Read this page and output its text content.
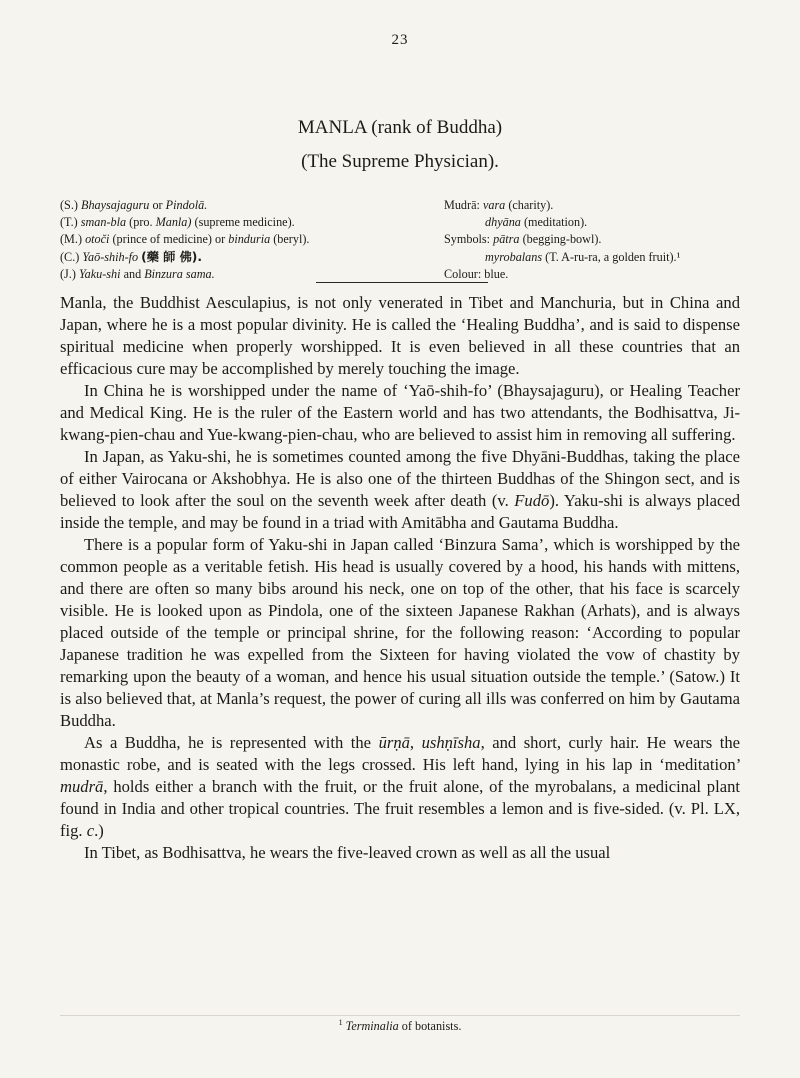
23
MANLA (rank of Buddha)
(The Supreme Physician).
(S.) Bhaysajaguru or Pindolā.
(T.) sman-bla (pro. Manla) (supreme medicine).
(M.) otoči (prince of medicine) or binduria (beryl).
(C.) Yaō-shih-fo (藥 師 佛).
(J.) Yaku-shi and Binzura sama.
Mudrā: vara (charity).
dhyāna (meditation).
Symbols: pātra (begging-bowl).
myrobalans (T. A-ru-ra, a golden fruit).¹
Colour: blue.

Manla, the Buddhist Aesculapius, is not only venerated in Tibet and Manchuria, but in China and Japan, where he is a most popular divinity. He is called the ‘Healing Buddha’, and is said to dispense spiritual medicine when properly worshipped. It is even believed in all these countries that an efficacious cure may be accomplished by merely touching the image.

In China he is worshipped under the name of ‘Yaō-shih-fo’ (Bhaysajaguru), or Healing Teacher and Medical King. He is the ruler of the Eastern world and has two attendants, the Bodhisattva, Ji-kwang-pien-chau and Yue-kwang-pien-chau, who are believed to assist him in removing all suffering.

In Japan, as Yaku-shi, he is sometimes counted among the five Dhyāni-Buddhas, taking the place of either Vairocana or Akshobhya. He is also one of the thirteen Buddhas of the Shingon sect, and is believed to look after the soul on the seventh week after death (v. Fudō). Yaku-shi is always placed inside the temple, and may be found in a triad with Amitābha and Gautama Buddha.

There is a popular form of Yaku-shi in Japan called ‘Binzura Sama’, which is worshipped by the common people as a veritable fetish. His head is usually covered by a hood, his hands with mittens, and there are often so many bibs around his neck, one on top of the other, that his face is scarcely visible. He is looked upon as Pindola, one of the sixteen Japanese Rakhan (Arhats), and is always placed outside of the temple or principal shrine, for the following reason: ‘According to popular Japanese tradition he was expelled from the Sixteen for having violated the vow of chastity by remarking upon the beauty of a woman, and hence his usual situation outside the temple.’ (Satow.) It is also believed that, at Manla’s request, the power of curing all ills was conferred on him by Gautama Buddha.

As a Buddha, he is represented with the ūrṇā, ushṇīsha, and short, curly hair. He wears the monastic robe, and is seated with the legs crossed. His left hand, lying in his lap in ‘meditation’ mudrā, holds either a branch with the fruit, or the fruit alone, of the myrobalans, a medicinal plant found in India and other tropical countries. The fruit resembles a lemon and is five-sided. (v. Pl. LX, fig. c.)

In Tibet, as Bodhisattva, he wears the five-leaved crown as well as all the usual

$^1$ Terminalia of botanists.
